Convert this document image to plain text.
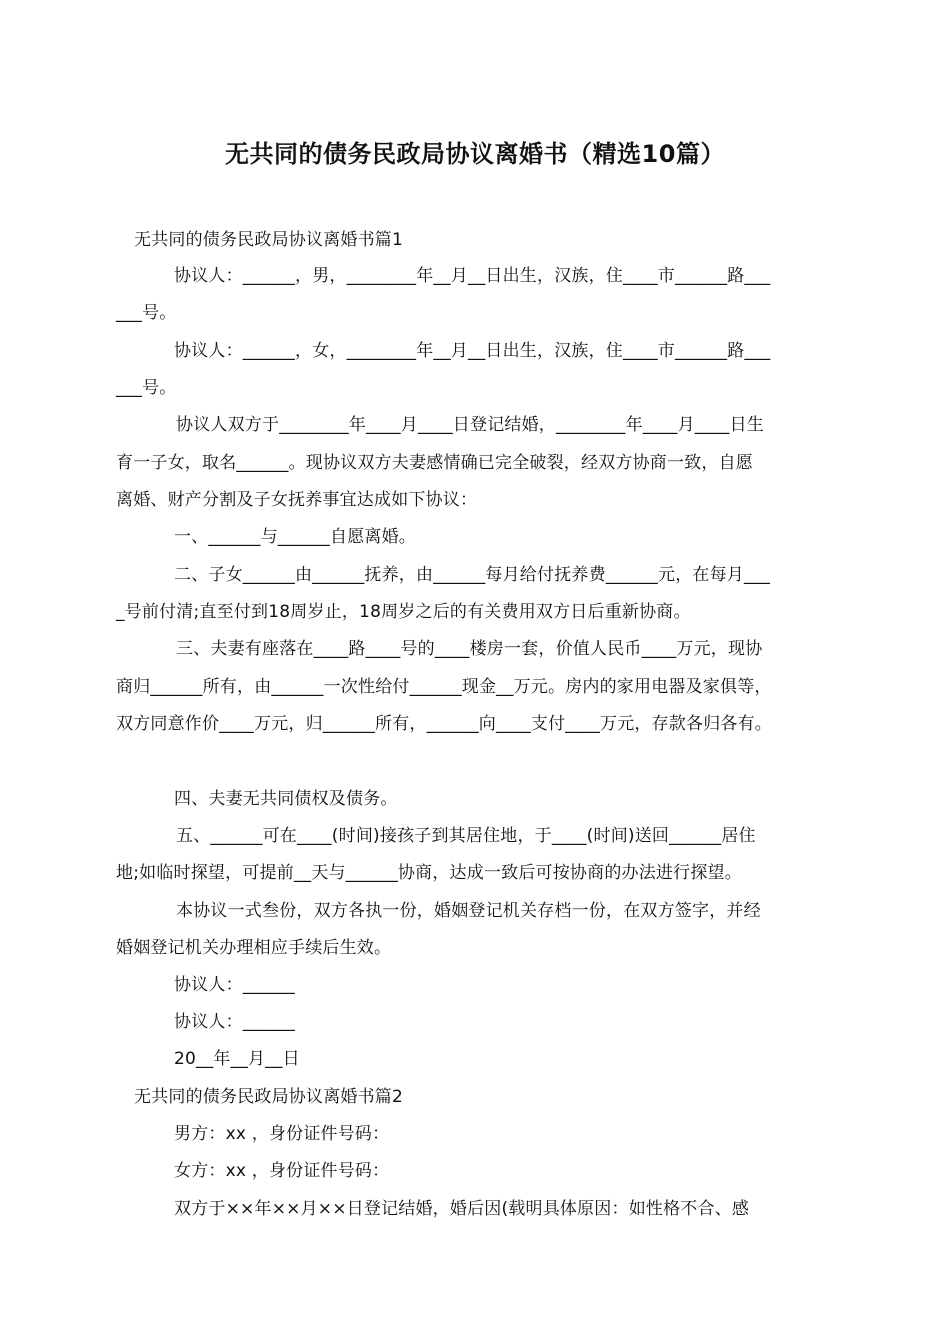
无共同的债务民政局协议离婚书（精选10篇）
无共同的债务民政局协议离婚书篇1
协议人：______，男，________年__月__日出生，汉族，住____市______路___
___号。
协议人：______，女，________年__月__日出生，汉族，住____市______路___
___号。
协议人双方于________年____月____日登记结婚，________年____月____日生
育一子女，取名______。现协议双方夫妻感情确已完全破裂，经双方协商一致，自愿
离婚、财产分割及子女抚养事宜达成如下协议：
一、______与______自愿离婚。
二、子女______由______抚养，由______每月给付抚养费______元，在每月___
_号前付清;直至付到18周岁止，18周岁之后的有关费用双方日后重新协商。
三、夫妻有座落在____路____号的____楼房一套，价值人民币____万元，现协
商归______所有，由______一次性给付______现金__万元。房内的家用电器及家俱等，
双方同意作价____万元，归______所有，______向____支付____万元，存款各归各有。
四、夫妻无共同债权及债务。
五、______可在____(时间)接孩子到其居住地，于____(时间)送回______居住
地;如临时探望，可提前__天与______协商，达成一致后可按协商的办法进行探望。
本协议一式叁份，双方各执一份，婚姻登记机关存档一份，在双方签字，并经
婚姻登记机关办理相应手续后生效。
协议人：______
协议人：______
20__年__月__日
无共同的债务民政局协议离婚书篇2
男方：xx ，身份证件号码：
女方：xx ，身份证件号码：
双方于××年××月××日登记结婚，婚后因(载明具体原因：如性格不合、感
